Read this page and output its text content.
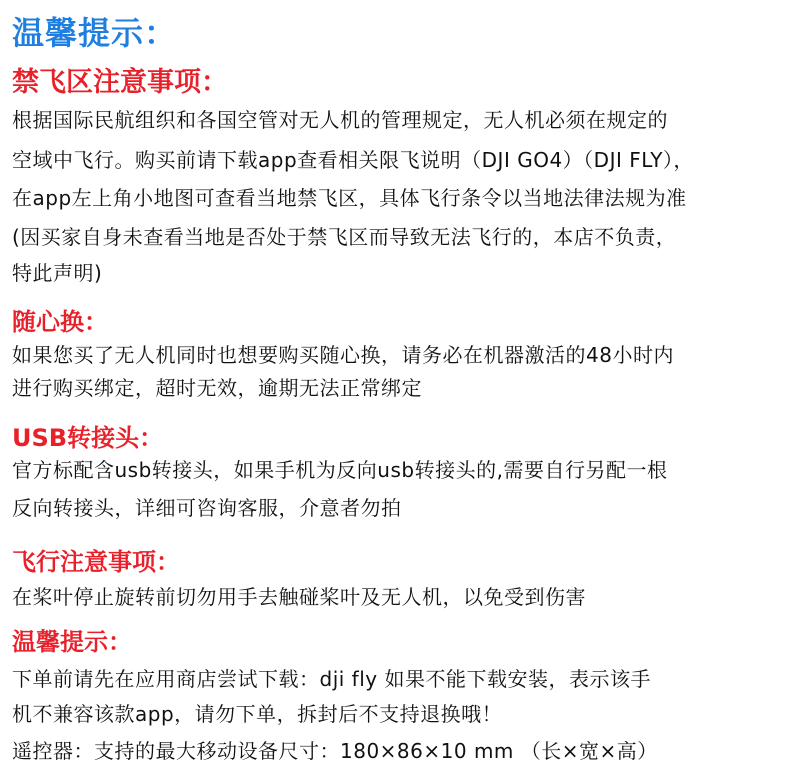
温馨提示：
禁飞区注意事项：
根据国际民航组织和各国空管对无人机的管理规定，无人机必须在规定的
空域中飞行。购买前请下载app查看相关限飞说明（DJI GO4）（DJI FLY），
在app左上角小地图可查看当地禁飞区，具体飞行条令以当地法律法规为准
(因买家自身未查看当地是否处于禁飞区而导致无法飞行的，本店不负责，
特此声明)
随心换：
如果您买了无人机同时也想要购买随心换，请务必在机器激活的48小时内
进行购买绑定，超时无效，逾期无法正常绑定
USB转接头：
官方标配含usb转接头，如果手机为反向usb转接头的,需要自行另配一根
反向转接头，详细可咨询客服，介意者勿拍
飞行注意事项：
在桨叶停止旋转前切勿用手去触碰桨叶及无人机，以免受到伤害
温馨提示：
下单前请先在应用商店尝试下载：dji fly 如果不能下载安装，表示该手
机不兼容该款app，请勿下单，拆封后不支持退换哦！
遥控器：支持的最大移动设备尺寸：180×86×10 mm （长×宽×高）
